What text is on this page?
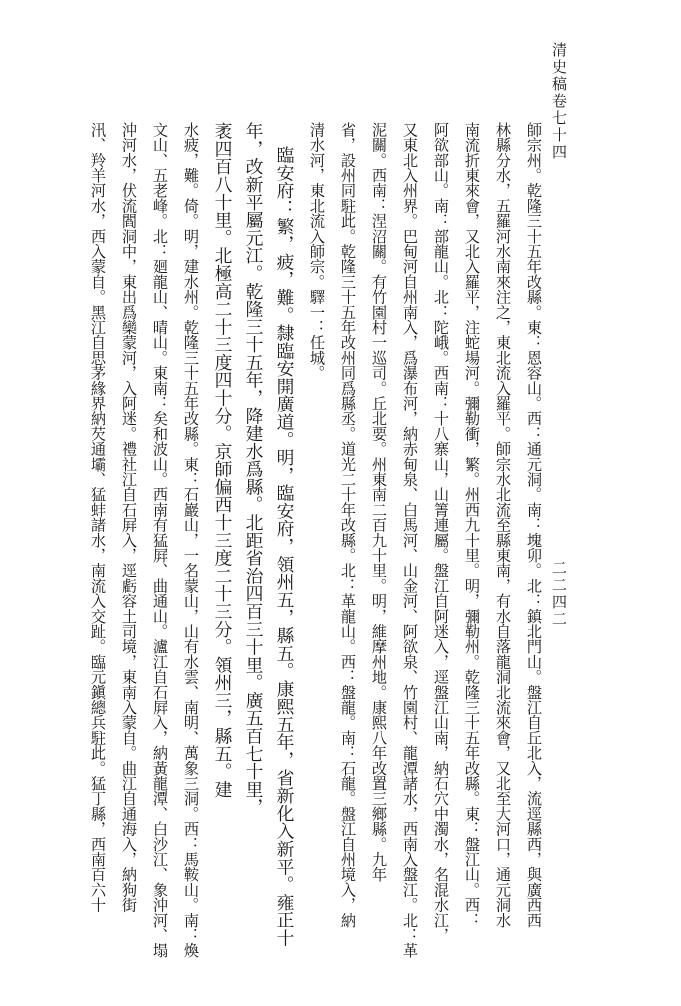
清史稿卷七十四
二二四二
師宗州。乾隆三十五年改縣。東：恩容山。西：通元洞。南：塊卯。北：鎮北門山。盤江自丘北入，流逕縣西，與廣西西
林縣分水，五羅河水南來注之，東北流入羅平。師宗水北流至縣東南，有水自落龍洞北流來會，又北至大河口，通元洞水
南流折東來會，又北入羅平，注蛇場河。彌勒衝，繁。州西九十里。明，彌勒州。乾隆三十五年改縣。東：盤江山。西：
阿欲部山。南：部龍山。北：陀峨。西南：十八寨山，山箐連屬。盤江自阿迷入，逕盤江山南，納石穴中濁水，名混水江，
又東北入州界。巴甸河自州南入，爲瀑布河，納赤甸泉、白馬河、山金河、阿欲泉、竹園村、龍潭諸水，西南入盤江。北：革
泥關。西南：涅沼關。有竹園村一巡司。丘北要。州東南二百九十里。明，維摩州地。康熙八年改置三鄉縣。九年
省，設州同駐此。乾隆三十五年改州同爲縣丞。道光二十年改縣。北：革龍山。西：盤龍。南：石龍。盤江自州境入，納
清水河，東北流入師宗。驛一：任城。
臨安府：繁，疲，難。隸臨安開廣道。明，臨安府，領州五，縣五。康熙五年，省新化入新平。雍正十
年，改新平屬元江。乾隆三十五年，降建水爲縣。北距省治四百三十里。廣五百七十里，
袤四百八十里。北極高二十三度四十分。京師偏西十三度二十三分。領州三，縣五。建
水疲，難。倚。明，建水州。乾隆三十五年改縣。東：石巖山，一名蒙山，山有水雲、南明、萬象三洞。西：馬鞍山。南：煥
文山、五老峰。北：廻龍山、晴山。東南：矣和波山。西南有猛屛、曲通山。瀘江自石屛入，納黃龍潭、白沙江、象沖河、塌
沖河水，伏流閻洞中，東出爲欒蒙河，入阿迷。禮社江自石屛入，逕虧容土司境，東南入蒙自。曲江自通海入，納狗街
汛、羚羊河水，西入蒙自。黑江自思茅緣界納芡通壩、猛蚌諸水，南流入交趾。臨元鎭總兵駐此。猛丁縣，西南百六十
